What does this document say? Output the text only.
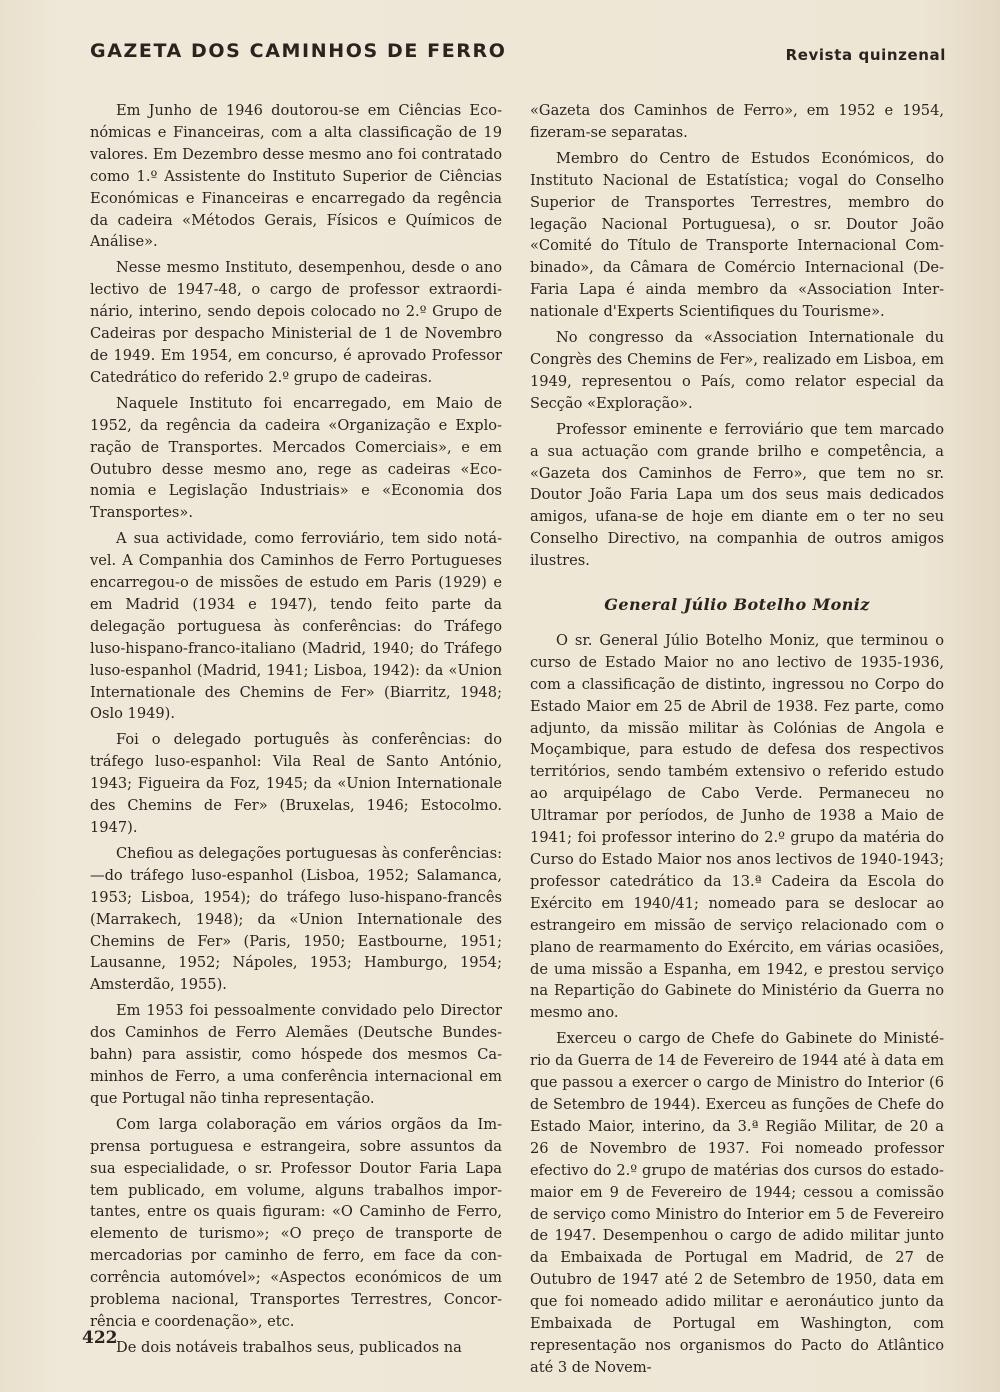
GAZETA DOS CAMINHOS DE FERRO	Revista quinzenal

Em Junho de 1946 doutorou-se em Ciências Económicas e Financeiras, com a alta classificação de 19 valores. Em Dezembro desse mesmo ano foi contratado como 1.º Assistente do Instituto Superior de Ciências Económicas e Financeiras e encarregado da regência da cadeira «Métodos Gerais, Físicos e Químicos de Análise».

Nesse mesmo Instituto, desempenhou, desde o ano lectivo de 1947-48, o cargo de professor extraordinário, interino, sendo depois colocado no 2.º Grupo de Cadeiras por despacho Ministerial de 1 de Novembro de 1949. Em 1954, em concurso, é aprovado Professor Catedrático do referido 2.º grupo de cadeiras.

Naquele Instituto foi encarregado, em Maio de 1952, da regência da cadeira «Organização e Exploração de Transportes. Mercados Comerciais», e em Outubro desse mesmo ano, rege as cadeiras «Economia e Legislação Industriais» e «Economia dos Transportes».

A sua actividade, como ferroviário, tem sido notável. A Companhia dos Caminhos de Ferro Portugueses encarregou-o de missões de estudo em Paris (1929) e em Madrid (1934 e 1947), tendo feito parte da delegação portuguesa às conferências: do Tráfego luso-hispano-franco-italiano (Madrid, 1940; do Tráfego luso-espanhol (Madrid, 1941; Lisboa, 1942): da «Union Internationale des Chemins de Fer» (Biarritz, 1948; Oslo 1949).

Foi o delegado português às conferências: do tráfego luso-espanhol: Vila Real de Santo António, 1943; Figueira da Foz, 1945; da «Union Internationale des Chemins de Fer» (Bruxelas, 1946; Estocolmo. 1947).

Chefiou as delegações portuguesas às conferências:—do tráfego luso-espanhol (Lisboa, 1952; Salamanca, 1953; Lisboa, 1954); do tráfego luso-hispano-francês (Marrakech, 1948); da «Union Internationale des Chemins de Fer» (Paris, 1950; Eastbourne, 1951; Lausanne, 1952; Nápoles, 1953; Hamburgo, 1954; Amsterdão, 1955).

Em 1953 foi pessoalmente convidado pelo Director dos Caminhos de Ferro Alemães (Deutsche Bundesbahn) para assistir, como hóspede dos mesmos Caminhos de Ferro, a uma conferência internacional em que Portugal não tinha representação.

Com larga colaboração em vários orgãos da Imprensa portuguesa e estrangeira, sobre assuntos da sua especialidade, o sr. Professor Doutor Faria Lapa tem publicado, em volume, alguns trabalhos importantes, entre os quais figuram: «O Caminho de Ferro, elemento de turismo»; «O preço de transporte de mercadorias por caminho de ferro, em face da concorrência automóvel»; «Aspectos económicos de um problema nacional, Transportes Terrestres, Concorrência e coordenação», etc.

De dois notáveis trabalhos seus, publicados na

«Gazeta dos Caminhos de Ferro», em 1952 e 1954, fizeram-se separatas.

Membro do Centro de Estudos Económicos, do Instituto Nacional de Estatística; vogal do Conselho Superior de Transportes Terrestres, membro do legação Nacional Portuguesa), o sr. Doutor João «Comité do Título de Transporte Internacional Combinado», da Câmara de Comércio Internacional (DeFaria Lapa é ainda membro da «Association Internationale d'Experts Scientifiques du Tourisme».

No congresso da «Association Internationale du Congrès des Chemins de Fer», realizado em Lisboa, em 1949, representou o País, como relator especial da Secção «Exploração».

Professor eminente e ferroviário que tem marcado a sua actuação com grande brilho e competência, a «Gazeta dos Caminhos de Ferro», que tem no sr. Doutor João Faria Lapa um dos seus mais dedicados amigos, ufana-se de hoje em diante em o ter no seu Conselho Directivo, na companhia de outros amigos ilustres.

General Júlio Botelho Moniz

O sr. General Júlio Botelho Moniz, que terminou o curso de Estado Maior no ano lectivo de 1935-1936, com a classificação de distinto, ingressou no Corpo do Estado Maior em 25 de Abril de 1938. Fez parte, como adjunto, da missão militar às Colónias de Angola e Moçambique, para estudo de defesa dos respectivos territórios, sendo também extensivo o referido estudo ao arquipélago de Cabo Verde. Permaneceu no Ultramar por períodos, de Junho de 1938 a Maio de 1941; foi professor interino do 2.º grupo da matéria do Curso do Estado Maior nos anos lectivos de 1940-1943; professor catedrático da 13.ª Cadeira da Escola do Exército em 1940/41; nomeado para se deslocar ao estrangeiro em missão de serviço relacionado com o plano de rearmamento do Exército, em várias ocasiões, de uma missão a Espanha, em 1942, e prestou serviço na Repartição do Gabinete do Ministério da Guerra no mesmo ano.

Exerceu o cargo de Chefe do Gabinete do Ministério da Guerra de 14 de Fevereiro de 1944 até à data em que passou a exercer o cargo de Ministro do Interior (6 de Setembro de 1944). Exerceu as funções de Chefe do Estado Maior, interino, da 3.ª Região Militar, de 20 a 26 de Novembro de 1937. Foi nomeado professor efectivo do 2.º grupo de matérias dos cursos do estado-maior em 9 de Fevereiro de 1944; cessou a comissão de serviço como Ministro do Interior em 5 de Fevereiro de 1947. Desempenhou o cargo de adido militar junto da Embaixada de Portugal em Madrid, de 27 de Outubro de 1947 até 2 de Setembro de 1950, data em que foi nomeado adido militar e aeronáutico junto da Embaixada de Portugal em Washington, com representação nos organismos do Pacto do Atlântico até 3 de Novem-

422
